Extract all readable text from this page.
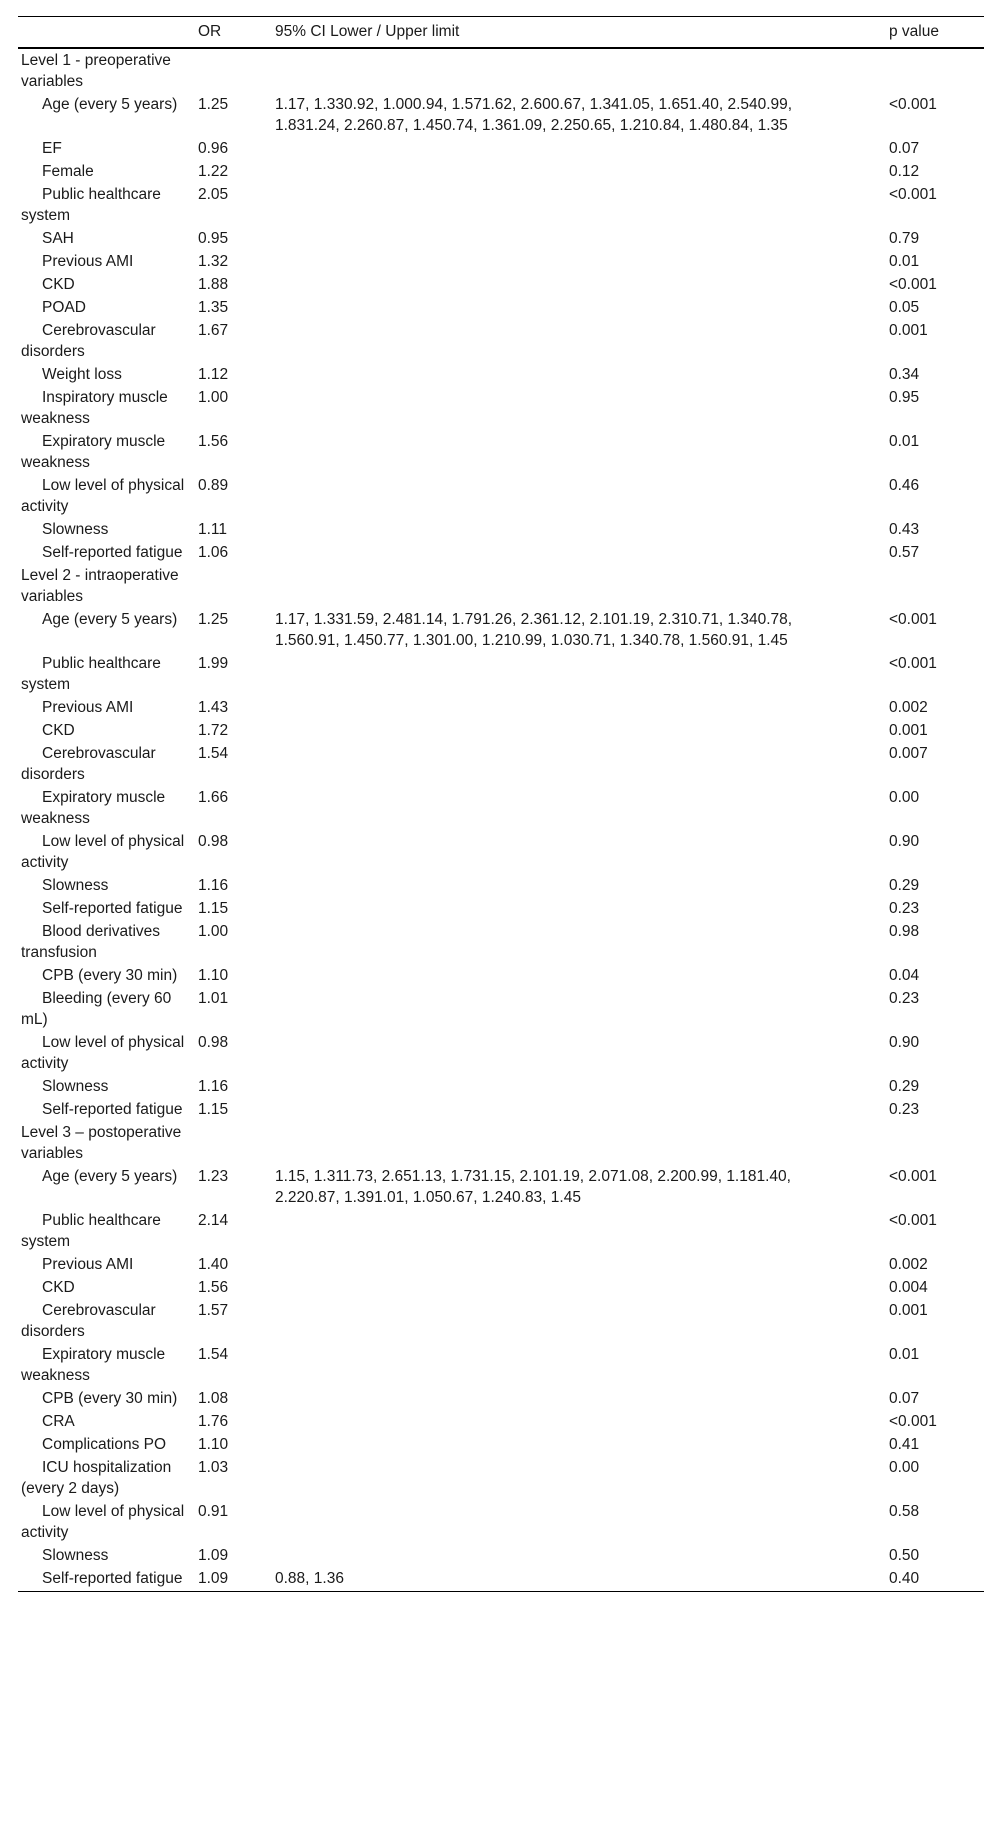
	OR	95% CI Lower / Upper limit	p value
Level 1 - preoperative variables			
Age (every 5 years)	1.25	1.17, 1.330.92, 1.000.94, 1.571.62, 2.600.67, 1.341.05, 1.651.40, 2.540.99, 1.831.24, 2.260.87, 1.450.74, 1.361.09, 2.250.65, 1.210.84, 1.480.84, 1.35	<0.001
EF	0.96		0.07
Female	1.22		0.12
Public healthcare system	2.05		<0.001
SAH	0.95		0.79
Previous AMI	1.32		0.01
CKD	1.88		<0.001
POAD	1.35		0.05
Cerebrovascular disorders	1.67		0.001
Weight loss	1.12		0.34
Inspiratory muscle weakness	1.00		0.95
Expiratory muscle weakness	1.56		0.01
Low level of physical activity	0.89		0.46
Slowness	1.11		0.43
Self-reported fatigue	1.06		0.57
Level 2 - intraoperative variables			
Age (every 5 years)	1.25	1.17, 1.331.59, 2.481.14, 1.791.26, 2.361.12, 2.101.19, 2.310.71, 1.340.78, 1.560.91, 1.450.77, 1.301.00, 1.210.99, 1.030.71, 1.340.78, 1.560.91, 1.45	<0.001
Public healthcare system	1.99		<0.001
Previous AMI	1.43		0.002
CKD	1.72		0.001
Cerebrovascular disorders	1.54		0.007
Expiratory muscle weakness	1.66		0.00
Low level of physical activity	0.98		0.90
Slowness	1.16		0.29
Self-reported fatigue	1.15		0.23
Blood derivatives transfusion	1.00		0.98
CPB (every 30 min)	1.10		0.04
Bleeding (every 60 mL)	1.01		0.23
Low level of physical activity	0.98		0.90
Slowness	1.16		0.29
Self-reported fatigue	1.15		0.23
Level 3 – postoperative variables			
Age (every 5 years)	1.23	1.15, 1.311.73, 2.651.13, 1.731.15, 2.101.19, 2.071.08, 2.200.99, 1.181.40, 2.220.87, 1.391.01, 1.050.67, 1.240.83, 1.45	<0.001
Public healthcare system	2.14		<0.001
Previous AMI	1.40		0.002
CKD	1.56		0.004
Cerebrovascular disorders	1.57		0.001
Expiratory muscle weakness	1.54		0.01
CPB (every 30 min)	1.08		0.07
CRA	1.76		<0.001
Complications PO	1.10		0.41
ICU hospitalization (every 2 days)	1.03		0.00
Low level of physical activity	0.91		0.58
Slowness	1.09		0.50
Self-reported fatigue	1.09	0.88, 1.36	0.40
